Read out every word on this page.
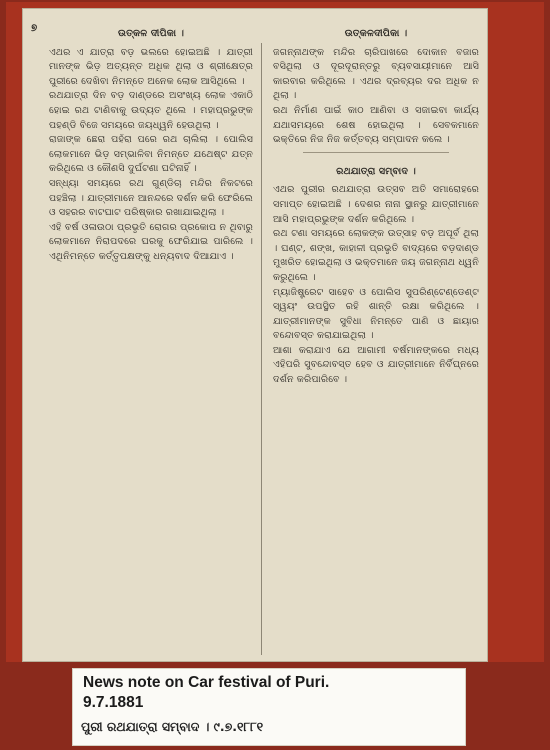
୭	ଉତ୍କଳ ଦୀପିକା ।

ଏଥର ଏ ଯାତ୍ରା ବଡ଼ ଭଲରେ ହୋଇଅଛି । ଯାତ୍ରୀ ମାନଙ୍କ ଭିଡ଼ ଅତ୍ୟନ୍ତ ଅଧିକ ଥିଲା ଓ ଶ୍ରୀକ୍ଷେତ୍ର ପୁରୀରେ ଦେଖିବା ନିମନ୍ତେ ଅନେକ ଲୋକ ଆସିଥିଲେ ।

ରଥଯାତ୍ରା ଦିନ ବଡ଼ ଦାଣ୍ଡରେ ଅସଂଖ୍ୟ ଲୋକ ଏକାଠି ହୋଇ ରଥ ଟାଣିବାକୁ ଉଦ୍ୟତ ଥିଲେ । ମହାପ୍ରଭୁଙ୍କ ପହଣ୍ଡି ବିଜେ ସମୟରେ ଜୟଧ୍ୱନି ହେଉଥିଲା ।

ରାଜାଙ୍କ ଛେରା ପହଁରା ପରେ ରଥ ଚାଲିଲା । ପୋଲିସ ଲୋକମାନେ ଭିଡ଼ ସମ୍ଭାଳିବା ନିମନ୍ତେ ଯଥେଷ୍ଟ ଯତ୍ନ କରିଥିଲେ ଓ କୌଣସି ଦୁର୍ଘଟଣା ଘଟିନାହିଁ ।

ସନ୍ଧ୍ୟା ସମୟରେ ରଥ ଗୁଣ୍ଡିଚା ମନ୍ଦିର ନିକଟରେ ପହଞ୍ଚିଲା । ଯାତ୍ରୀମାନେ ଆନନ୍ଦରେ ଦର୍ଶନ କରି ଫେରିଲେ ଓ ସହରର ବାଟଘାଟ ପରିଷ୍କାର ରଖାଯାଇଥିଲା ।

ଏହି ବର୍ଷ ଓଳାଉଠା ପ୍ରଭୃତି ରୋଗର ପ୍ରକୋପ ନ ଥିବାରୁ ଲୋକମାନେ ନିରାପଦରେ ଘରକୁ ଫେରିଯାଇ ପାରିଲେ । ଏଥିନିମନ୍ତେ କର୍ତ୍ତୃପକ୍ଷଙ୍କୁ ଧନ୍ୟବାଦ ଦିଆଯାଏ ।

ଉତ୍କଳଦୀପିକା ।

ଜଗନ୍ନାଥଙ୍କ ମନ୍ଦିର ଚାରିପାଖରେ ଦୋକାନ ବଜାର ବସିଥିଲା ଓ ଦୂରଦୂରାନ୍ତରୁ ବ୍ୟବସାୟୀମାନେ ଆସି କାରବାର କରିଥିଲେ । ଏଥର ଦ୍ରବ୍ୟର ଦର ଅଧିକ ନ ଥିଲା ।

ରଥ ନିର୍ମାଣ ପାଇଁ କାଠ ଆଣିବା ଓ ସଜାଇବା କାର୍ଯ୍ୟ ଯଥାସମୟରେ ଶେଷ ହୋଇଥିଲା । ସେବକମାନେ ଭକ୍ତିରେ ନିଜ ନିଜ କର୍ତ୍ତବ୍ୟ ସମ୍ପାଦନ କଲେ ।

ରଥଯାତ୍ରା ସମ୍ବାଦ ।

ଏଥର ପୁରୀର ରଥଯାତ୍ରା ଉତ୍ସବ ଅତି ସମାରୋହରେ ସମାପ୍ତ ହୋଇଅଛି । ଦେଶର ନାନା ସ୍ଥାନରୁ ଯାତ୍ରୀମାନେ ଆସି ମହାପ୍ରଭୁଙ୍କ ଦର୍ଶନ କରିଥିଲେ ।

ରଥ ଟଣା ସମୟରେ ଲୋକଙ୍କ ଉତ୍ସାହ ବଡ଼ ଅପୂର୍ବ ଥିଲା । ଘଣ୍ଟ, ଶଙ୍ଖ, କାହାଳୀ ପ୍ରଭୃତି ବାଦ୍ୟରେ ବଡ଼ଦାଣ୍ଡ ମୁଖରିତ ହୋଇଥିଲା ଓ ଭକ୍ତମାନେ ଜୟ ଜଗନ୍ନାଥ ଧ୍ୱନି କରୁଥିଲେ ।

ମ୍ୟାଜିଷ୍ଟ୍ରେଟ ସାହେବ ଓ ପୋଲିସ ସୁପରିଣ୍ଟେଣ୍ଡେଣ୍ଟ ସ୍ୱୟଂ ଉପସ୍ଥିତ ରହି ଶାନ୍ତି ରକ୍ଷା କରିଥିଲେ । ଯାତ୍ରୀମାନଙ୍କ ସୁବିଧା ନିମନ୍ତେ ପାଣି ଓ ଛାୟାର ବନ୍ଦୋବସ୍ତ କରାଯାଇଥିଲା ।

ଆଶା କରାଯାଏ ଯେ ଆଗାମୀ ବର୍ଷମାନଙ୍କରେ ମଧ୍ୟ ଏହିପରି ସୁବନ୍ଦୋବସ୍ତ ହେବ ଓ ଯାତ୍ରୀମାନେ ନିର୍ବିଘ୍ନରେ ଦର୍ଶନ କରିପାରିବେ ।

News note on Car festival of Puri.
9.7.1881
ପୁରୀ ରଥଯାତ୍ରା ସମ୍ବାଦ । ୯.୭.୧୮୮୧
